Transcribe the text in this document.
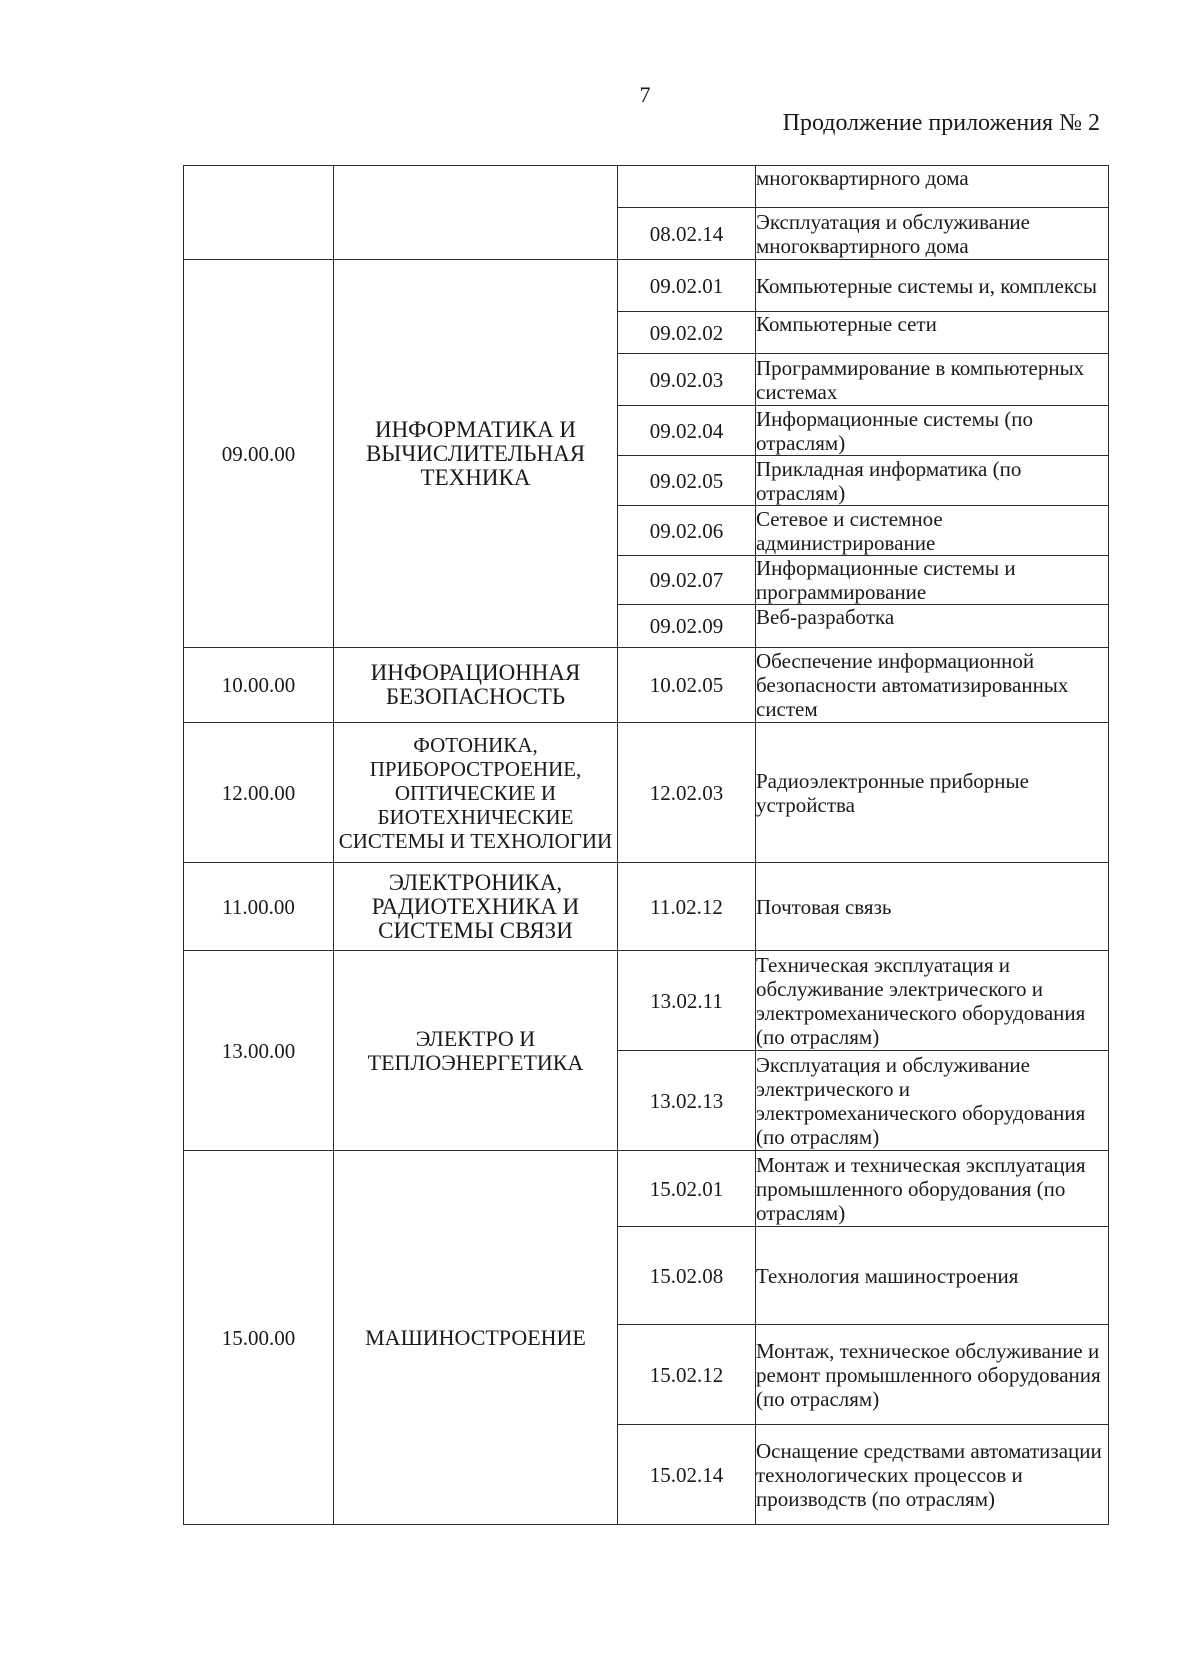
7
Продолжение приложения № 2
			многоквартирного дома
		08.02.14	Эксплуатация и обслуживание многоквартирного дома
09.00.00	ИНФОРМАТИКА И ВЫЧИСЛИТЕЛЬНАЯ ТЕХНИКА	09.02.01	Компьютерные системы и, комплексы
		09.02.02	Компьютерные сети
		09.02.03	Программирование в компьютерных системах
		09.02.04	Информационные системы (по отраслям)
		09.02.05	Прикладная информатика (по отраслям)
		09.02.06	Сетевое и системное администрирование
		09.02.07	Информационные системы и программирование
		09.02.09	Веб-разработка
10.00.00	ИНФОРАЦИОННАЯ БЕЗОПАСНОСТЬ	10.02.05	Обеспечение информационной безопасности автоматизированных систем
12.00.00	ФОТОНИКА, ПРИБОРОСТРОЕНИЕ, ОПТИЧЕСКИЕ И БИОТЕХНИЧЕСКИЕ СИСТЕМЫ И ТЕХНОЛОГИИ	12.02.03	Радиоэлектронные приборные устройства
11.00.00	ЭЛЕКТРОНИКА, РАДИОТЕХНИКА И СИСТЕМЫ СВЯЗИ	11.02.12	Почтовая связь
13.00.00	ЭЛЕКТРО И ТЕПЛОЭНЕРГЕТИКА	13.02.11	Техническая эксплуатация и обслуживание электрического и электромеханического оборудования (по отраслям)
		13.02.13	Эксплуатация и обслуживание электрического и электромеханического оборудования (по отраслям)
15.00.00	МАШИНОСТРОЕНИЕ	15.02.01	Монтаж и техническая эксплуатация промышленного оборудования (по отраслям)
		15.02.08	Технология машиностроения
		15.02.12	Монтаж, техническое обслуживание и ремонт промышленного оборудования (по отраслям)
		15.02.14	Оснащение средствами автоматизации технологических процессов и производств (по отраслям)
